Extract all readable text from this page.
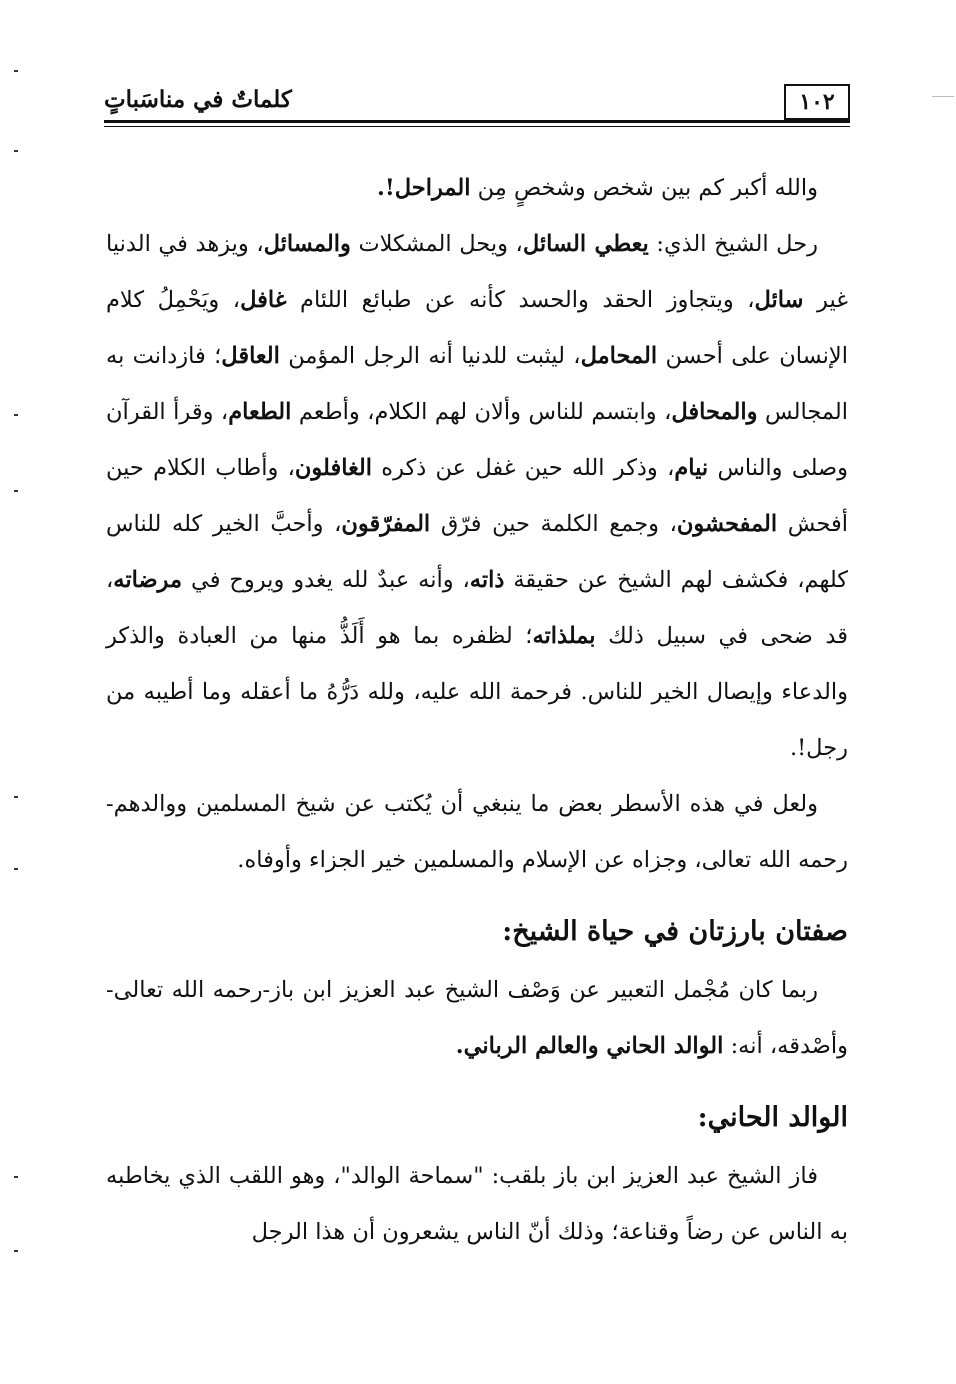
١٠٢
كلماتٌ في مناسَباتٍ

والله أكبر كم بين شخص وشخصٍ مِن المراحل!.

رحل الشيخ الذي: يعطي السائل، ويحل المشكلات والمسائل، ويزهد في الدنيا غير سائل، ويتجاوز الحقد والحسد كأنه عن طبائع اللئام غافل، ويَحْمِلُ كلام الإنسان على أحسن المحامل، ليثبت للدنيا أنه الرجل المؤمن العاقل؛ فازدانت به المجالس والمحافل، وابتسم للناس وألان لهم الكلام، وأطعم الطعام، وقرأ القرآن وصلى والناس نيام، وذكر الله حين غفل عن ذكره الغافلون، وأطاب الكلام حين أفحش المفحشون، وجمع الكلمة حين فرّق المفرّقون، وأحبَّ الخير كله للناس كلهم، فكشف لهم الشيخ عن حقيقة ذاته، وأنه عبدٌ لله يغدو ويروح في مرضاته، قد ضحى في سبيل ذلك بملذاته؛ لظفره بما هو أَلَذُّ منها من العبادة والذكر والدعاء وإيصال الخير للناس. فرحمة الله عليه، ولله دَرُّهُ ما أعقله وما أطيبه من رجل!.

ولعل في هذه الأسطر بعض ما ينبغي أن يُكتب عن شيخ المسلمين ووالدهم-رحمه الله تعالى، وجزاه عن الإسلام والمسلمين خير الجزاء وأوفاه.

صفتان بارزتان في حياة الشيخ:

ربما كان مُجْمل التعبير عن وَصْف الشيخ عبد العزيز ابن باز-رحمه الله تعالى-وأصْدقه، أنه: الوالد الحاني والعالم الرباني.

الوالد الحاني:

فاز الشيخ عبد العزيز ابن باز بلقب: "سماحة الوالد"، وهو اللقب الذي يخاطبه به الناس عن رضاً وقناعة؛ وذلك أنّ الناس يشعرون أن هذا الرجل
